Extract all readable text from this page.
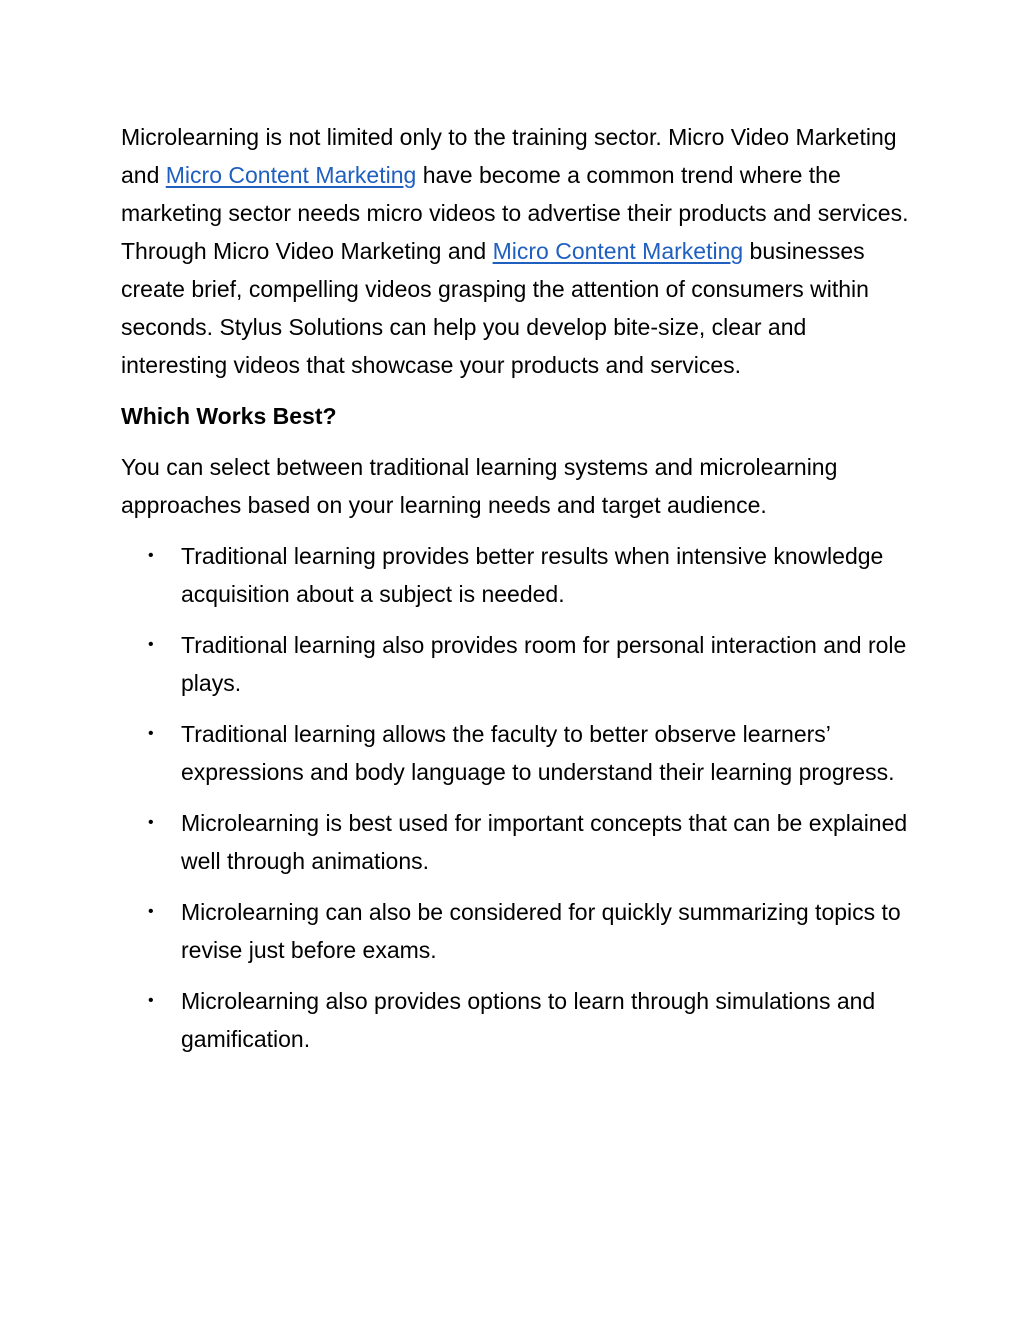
Microlearning is not limited only to the training sector. Micro Video Marketing and Micro Content Marketing have become a common trend where the marketing sector needs micro videos to advertise their products and services. Through Micro Video Marketing and Micro Content Marketing businesses create brief, compelling videos grasping the attention of consumers within seconds. Stylus Solutions can help you develop bite-size, clear and interesting videos that showcase your products and services.

Which Works Best?

You can select between traditional learning systems and microlearning approaches based on your learning needs and target audience.

• Traditional learning provides better results when intensive knowledge acquisition about a subject is needed.
• Traditional learning also provides room for personal interaction and role plays.
• Traditional learning allows the faculty to better observe learners’ expressions and body language to understand their learning progress.
• Microlearning is best used for important concepts that can be explained well through animations.
• Microlearning can also be considered for quickly summarizing topics to revise just before exams.
• Microlearning also provides options to learn through simulations and gamification.
